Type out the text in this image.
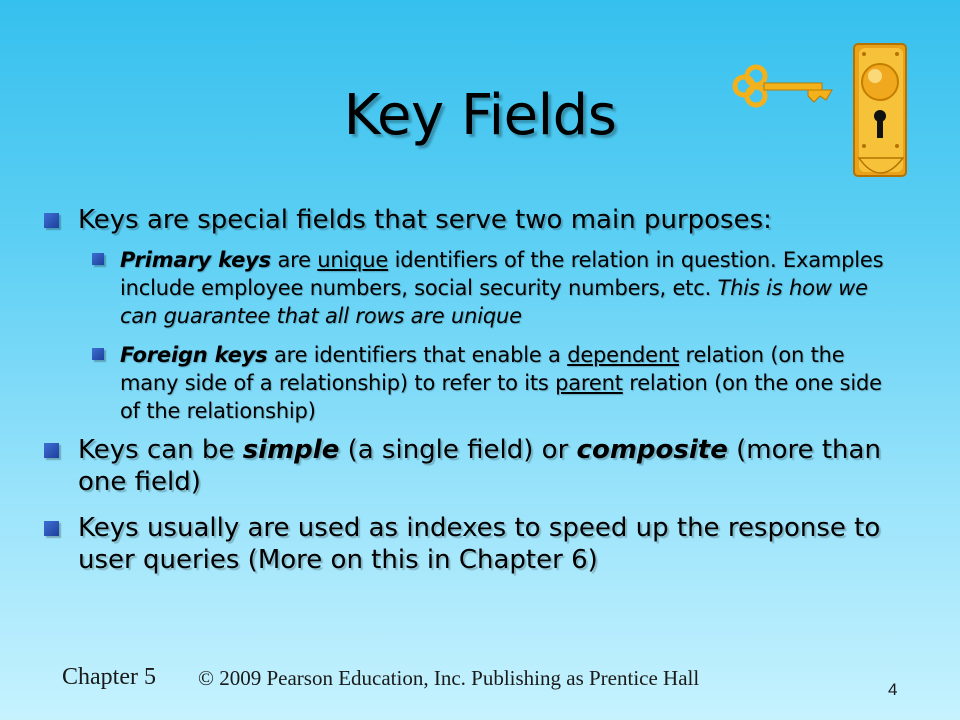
Key Fields
Keys are special fields that serve two main purposes:
Primary keys are unique identifiers of the relation in question. Examples include employee numbers, social security numbers, etc. This is how we can guarantee that all rows are unique
Foreign keys are identifiers that enable a dependent relation (on the many side of a relationship) to refer to its parent relation (on the one side of the relationship)
Keys can be simple (a single field) or composite (more than one field)
Keys usually are used as indexes to speed up the response to user queries (More on this in Chapter 6)
Chapter 5 © 2009 Pearson Education, Inc. Publishing as Prentice Hall	4
